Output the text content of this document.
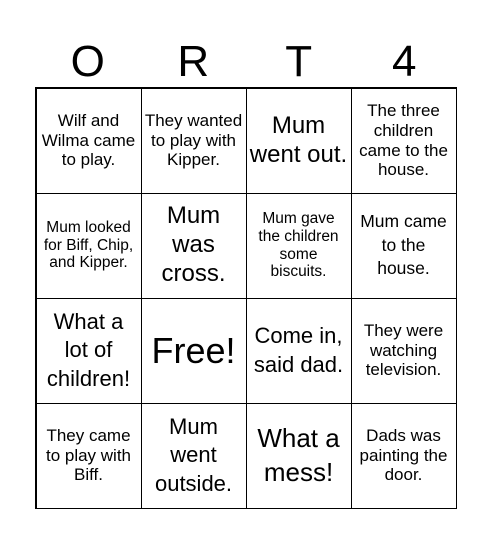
O	R	T	4
Wilf and Wilma came to play.
They wanted to play with Kipper.
Mum went out.
The three children came to the house.
Mum looked for Biff, Chip, and Kipper.
Mum was cross.
Mum gave the children some biscuits.
Mum came to the house.
What a lot of children!
Free! Come in, said dad.
They were watching television.
They came to play with Biff.
Mum went outside.
What a mess!
Dads was painting the door.
